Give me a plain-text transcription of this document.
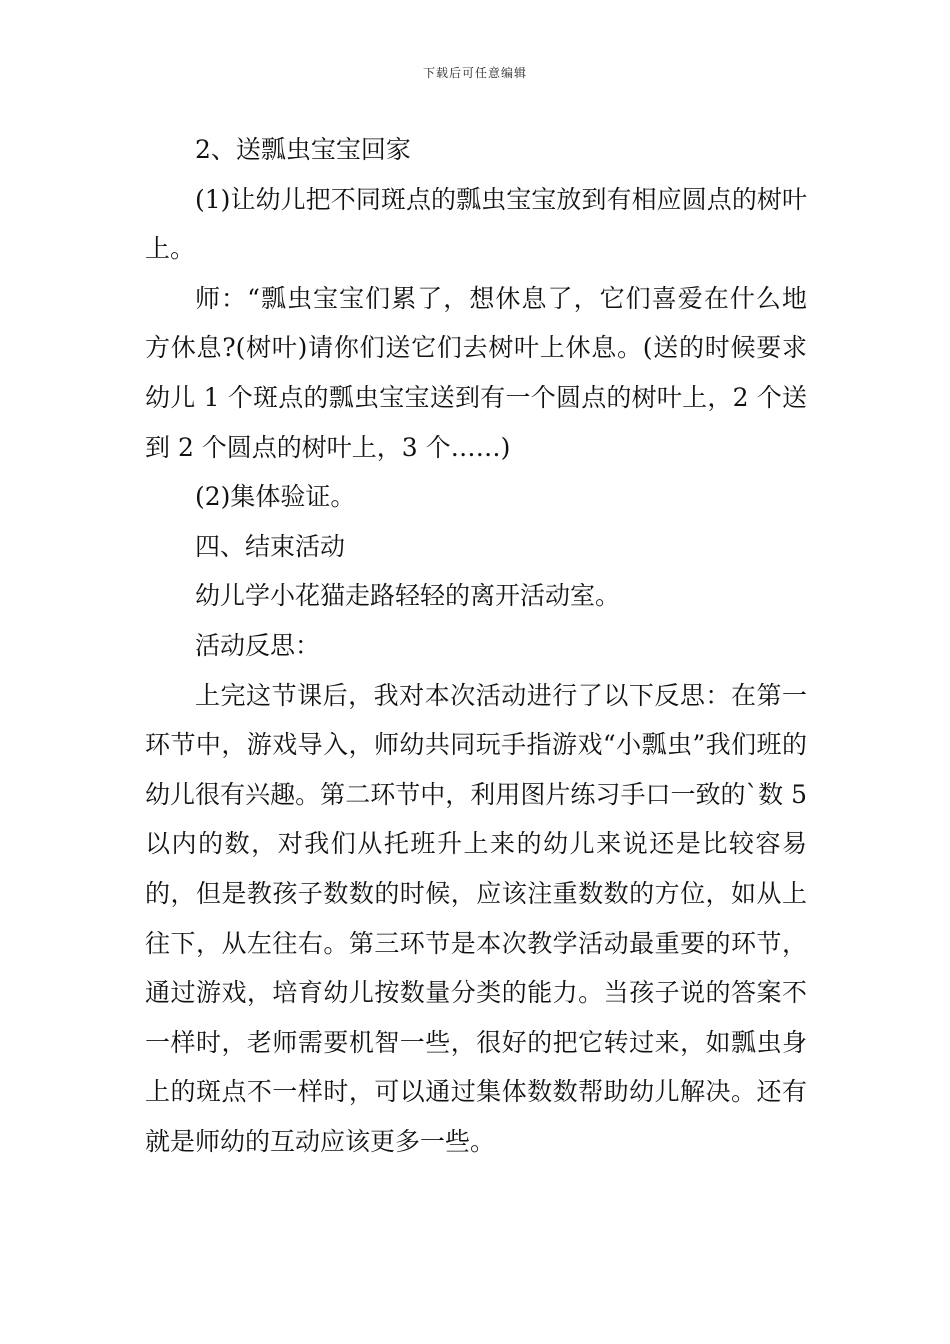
下载后可任意编辑

2、送瓢虫宝宝回家

(1)让幼儿把不同斑点的瓢虫宝宝放到有相应圆点的树叶上。

师：“瓢虫宝宝们累了，想休息了，它们喜爱在什么地方休息?(树叶)请你们送它们去树叶上休息。(送的时候要求幼儿 1 个斑点的瓢虫宝宝送到有一个圆点的树叶上，2 个送到 2 个圆点的树叶上，3 个……)

(2)集体验证。

四、结束活动

幼儿学小花猫走路轻轻的离开活动室。

活动反思：

上完这节课后，我对本次活动进行了以下反思：在第一环节中，游戏导入，师幼共同玩手指游戏“小瓢虫”我们班的幼儿很有兴趣。第二环节中，利用图片练习手口一致的`数 5 以内的数，对我们从托班升上来的幼儿来说还是比较容易的，但是教孩子数数的时候，应该注重数数的方位，如从上往下，从左往右。第三环节是本次教学活动最重要的环节，通过游戏，培育幼儿按数量分类的能力。当孩子说的答案不一样时，老师需要机智一些，很好的把它转过来，如瓢虫身上的斑点不一样时，可以通过集体数数帮助幼儿解决。还有就是师幼的互动应该更多一些。
